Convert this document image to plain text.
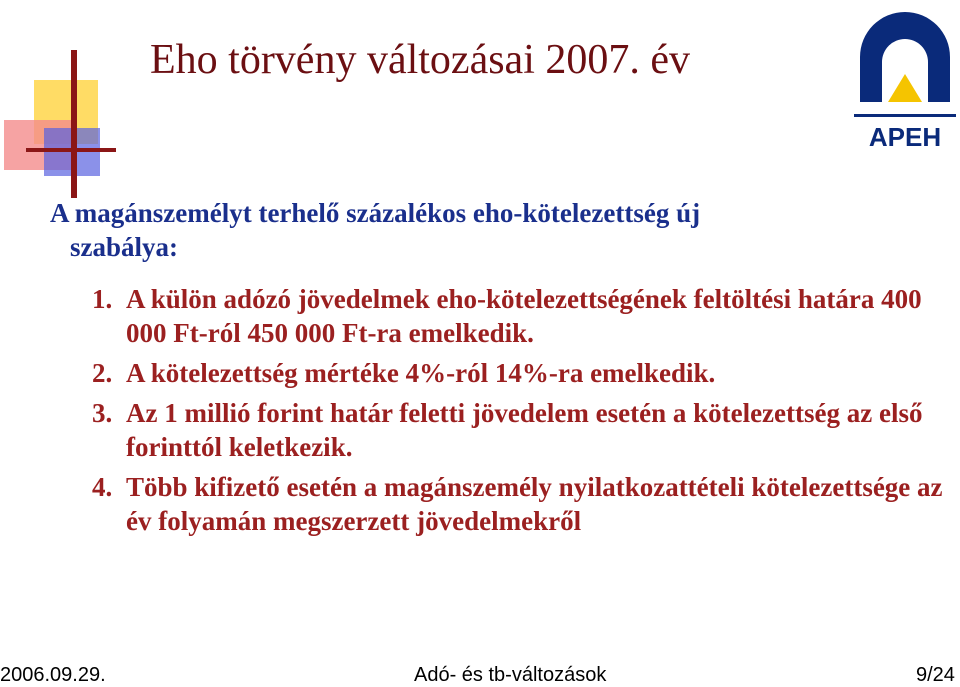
Eho törvény változásai 2007. év
APEH
A magánszemélyt terhelő százalékos eho-kötelezettség új
szabálya:
1. A külön adózó jövedelmek eho-kötelezettségének feltöltési határa 400 000 Ft-ról 450 000 Ft-ra emelkedik.
2. A kötelezettség mértéke 4%-ról 14%-ra emelkedik.
3. Az 1 millió forint határ feletti jövedelem esetén a kötelezettség az első forinttól keletkezik.
4. Több kifizető esetén a magánszemély nyilatkozattételi kötelezettsége az év folyamán megszerzett jövedelmekről
2006.09.29.	Adó- és tb-változások	9/24
